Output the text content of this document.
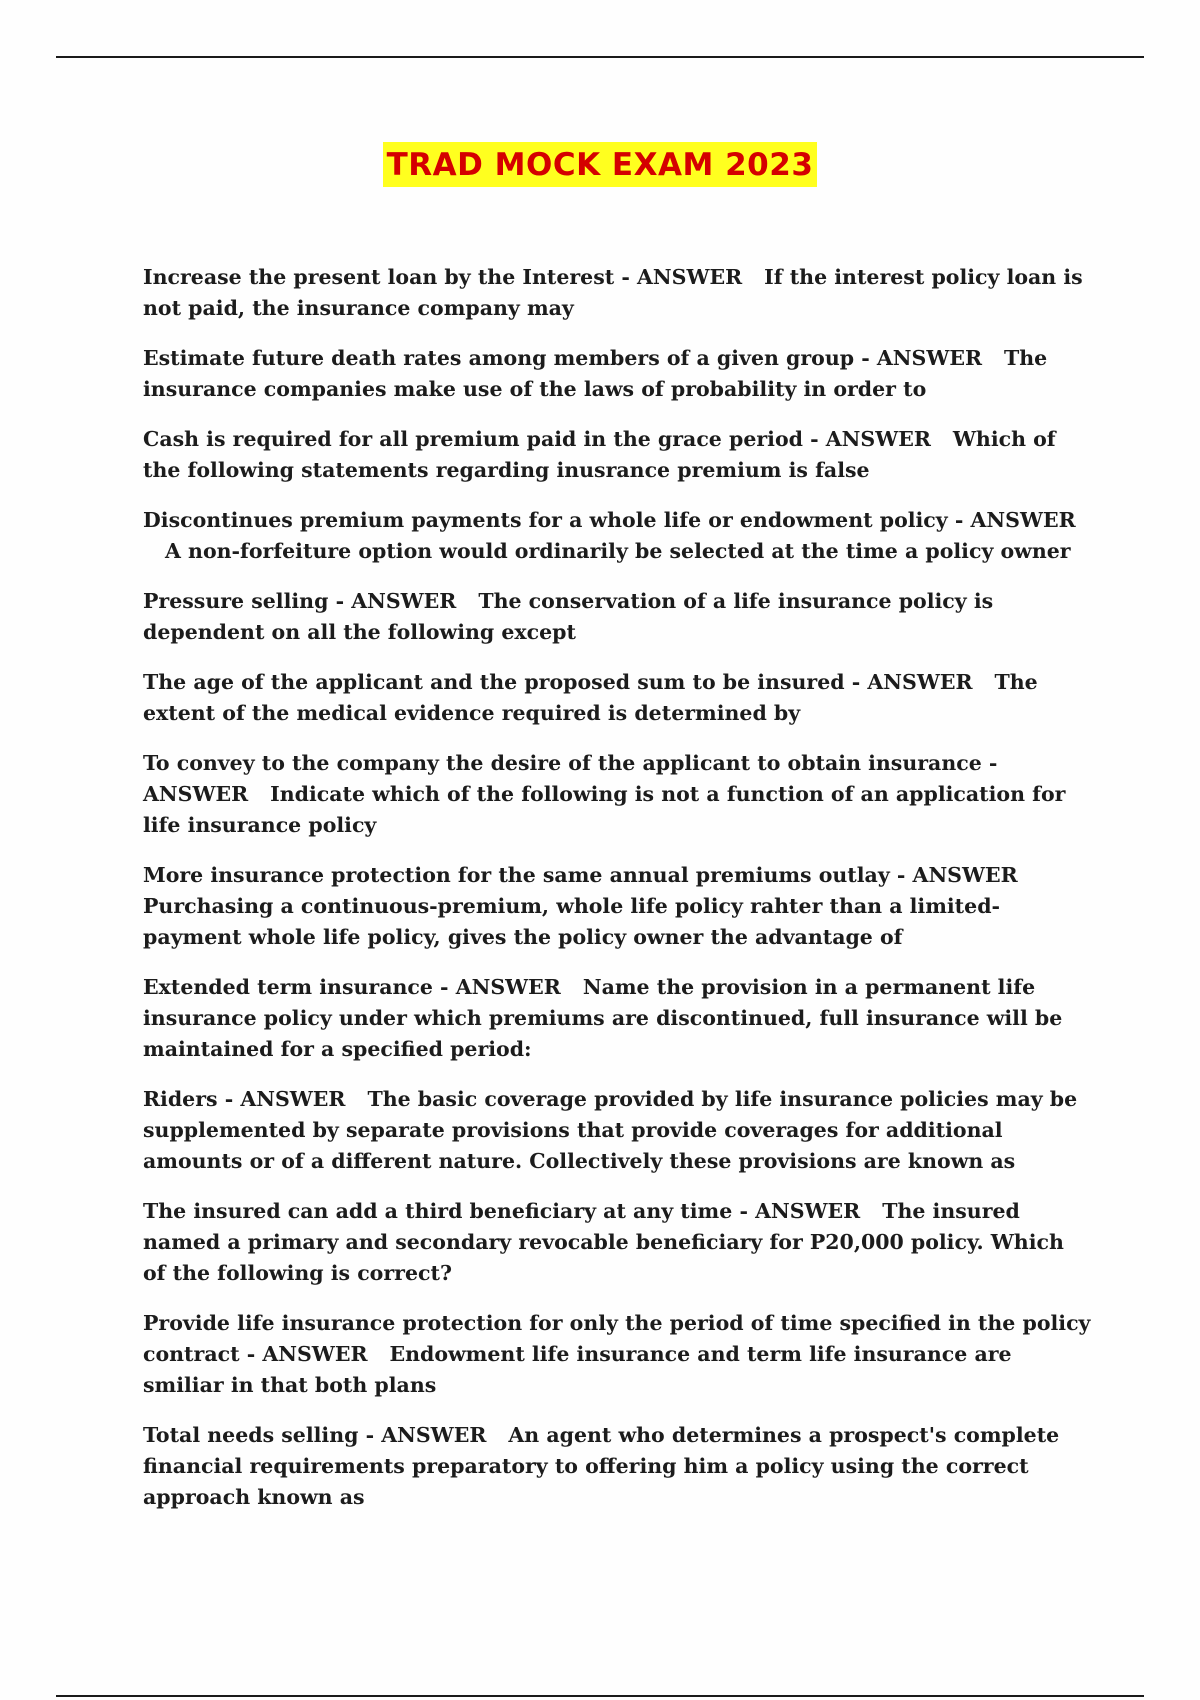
TRAD MOCK EXAM 2023

Increase the present loan by the Interest - ANSWER If the interest policy loan is not paid, the insurance company may

Estimate future death rates among members of a given group - ANSWER The insurance companies make use of the laws of probability in order to

Cash is required for all premium paid in the grace period - ANSWER Which of the following statements regarding inusrance premium is false

Discontinues premium payments for a whole life or endowment policy - ANSWERA non-forfeiture option would ordinarily be selected at the time a policy owner

Pressure selling - ANSWER The conservation of a life insurance policy is dependent on all the following except

The age of the applicant and the proposed sum to be insured - ANSWER The extent of the medical evidence required is determined by

To convey to the company the desire of the applicant to obtain insurance - ANSWER Indicate which of the following is not a function of an application for life insurance policy

More insurance protection for the same annual premiums outlay - ANSWERPurchasing a continuous-premium, whole life policy rahter than a limited-payment whole life policy, gives the policy owner the advantage of

Extended term insurance - ANSWER Name the provision in a permanent life insurance policy under which premiums are discontinued, full insurance will be maintained for a specified period:

Riders - ANSWER The basic coverage provided by life insurance policies may be supplemented by separate provisions that provide coverages for additional amounts or of a different nature. Collectively these provisions are known as

The insured can add a third beneficiary at any time - ANSWER The insured named a primary and secondary revocable beneficiary for P20,000 policy. Which of the following is correct?

Provide life insurance protection for only the period of time specified in the policy contract - ANSWER Endowment life insurance and term life insurance are smiliar in that both plans

Total needs selling - ANSWER An agent who determines a prospect's complete financial requirements preparatory to offering him a policy using the correct approach known as
